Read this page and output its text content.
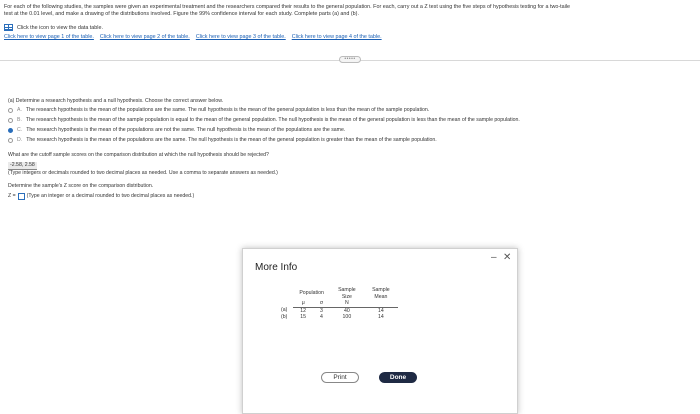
For each of the following studies, the samples were given an experimental treatment and the researchers compared their results to the general population. For each, carry out a Z test using the five steps of hypothesis testing for a two-taile
test at the 0.01 level, and make a drawing of the distributions involved. Figure the 99% confidence interval for each study. Complete parts (a) and (b).
Click the icon to view the data table.
Click here to view page 1 of the table. Click here to view page 2 of the table. Click here to view page 3 of the table. Click here to view page 4 of the table.
•••••
(a) Determine a research hypothesis and a null hypothesis. Choose the correct answer below.
A. The research hypothesis is the mean of the populations are the same. The null hypothesis is the mean of the general population is less than the mean of the sample population.
B. The research hypothesis is the mean of the sample population is equal to the mean of the general population. The null hypothesis is the mean of the general population is less than the mean of the sample population.
C. The research hypothesis is the mean of the populations are not the same. The null hypothesis is the mean of the populations are the same.
D. The research hypothesis is the mean of the populations are the same. The null hypothesis is the mean of the general population is greater than the mean of the sample population.
What are the cutoff sample scores on the comparison distribution at which the null hypothesis should be rejected?
-2.58, 2.58
(Type integers or decimals rounded to two decimal places as needed. Use a comma to separate answers as needed.)
Determine the sample's Z score on the comparison distribution.
Z = (Type an integer or a decimal rounded to two decimal places as needed.)
More Info
– ✕
	Population		Sample Size	Sample Mean
	μ	σ	N	
(a)	12	3	40	14
(b)	15	4	100	14
Print	Done
